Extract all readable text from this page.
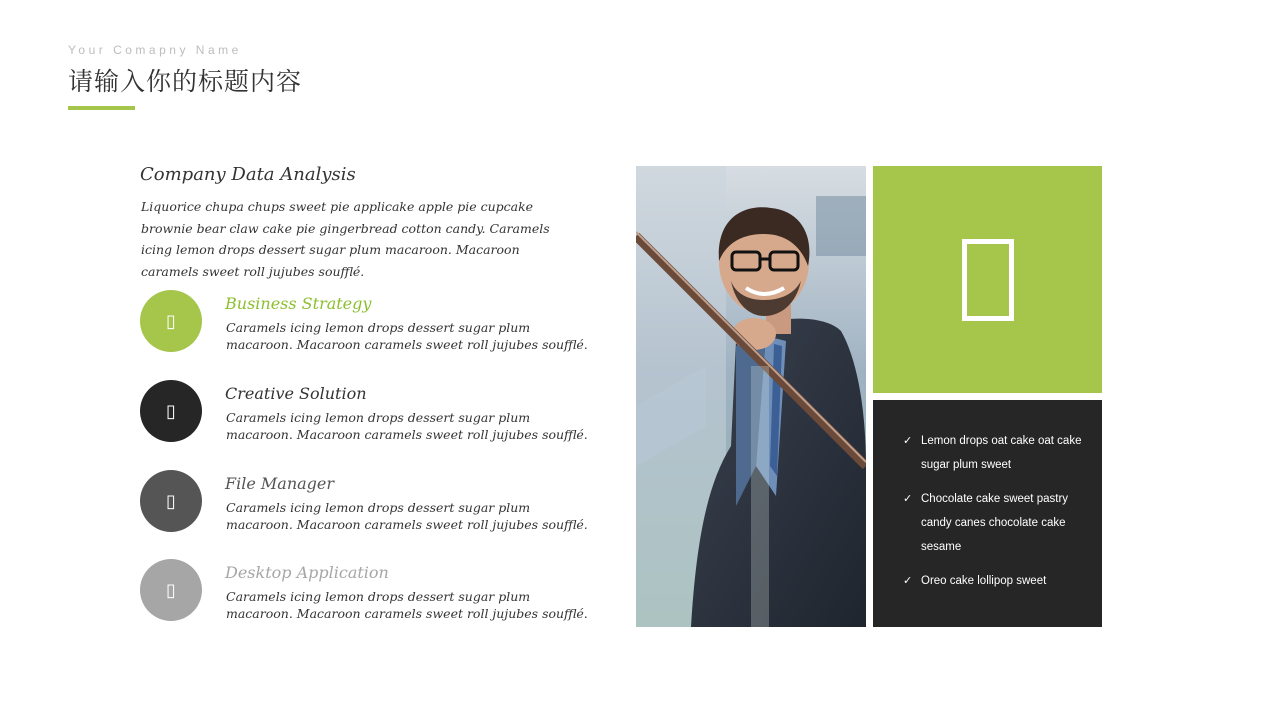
Your Comapny Name
请输入你的标题内容
Company Data Analysis

Liquorice chupa chups sweet pie applicake apple pie cupcake brownie bear claw cake pie gingerbread cotton candy. Caramels icing lemon drops dessert sugar plum macaroon. Macaroon caramels sweet roll jujubes soufflé.

▯
Business Strategy

Caramels icing lemon drops dessert sugar plum macaroon. Macaroon caramels sweet roll jujubes soufflé.

▯
Creative Solution

Caramels icing lemon drops dessert sugar plum macaroon. Macaroon caramels sweet roll jujubes soufflé.

▯
File Manager

Caramels icing lemon drops dessert sugar plum macaroon. Macaroon caramels sweet roll jujubes soufflé.

▯
Desktop Application

Caramels icing lemon drops dessert sugar plum macaroon. Macaroon caramels sweet roll jujubes soufflé.

✓ Lemon drops oat cake oat cake sugar plum sweet
✓ Chocolate cake sweet pastry candy canes chocolate cake sesame
✓ Oreo cake lollipop sweet
